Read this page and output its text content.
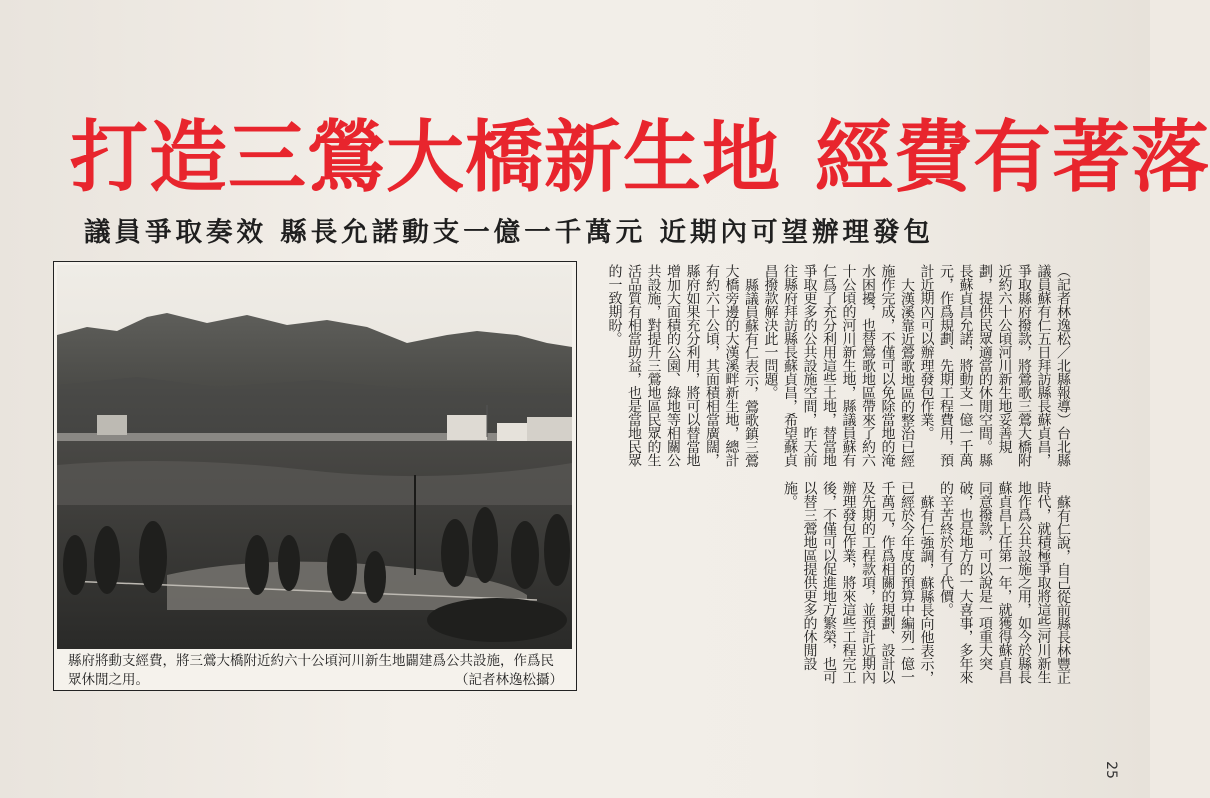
打造三鶯大橋新生地 經費有著落
議員爭取奏效 縣長允諾動支一億一千萬元 近期內可望辦理發包
縣府將動支經費，將三鶯大橋附近約六十公頃河川新生地闢建爲公共設施，作爲民眾休閒之用。	（記者林逸松攝）

（記者林逸松／北縣報導）台北縣議員蘇有仁五日拜訪縣長蘇貞昌，爭取縣府撥款，將鶯歌三鶯大橋附近約六十公頃河川新生地妥善規劃，提供民眾適當的休閒空間。縣長蘇貞昌允諾，將動支一億一千萬元，作爲規劃、先期工程費用，預計近期內可以辦理發包作業。

大漢溪靠近鶯歌地區的整治已經施作完成，不僅可以免除當地的淹水困擾，也替鶯歌地區帶來了約六十公頃的河川新生地，縣議員蘇有仁爲了充分利用這些土地，替當地爭取更多的公共設施空間，昨天前往縣府拜訪縣長蘇貞昌，希望蘇貞昌撥款解決此一問題。

縣議員蘇有仁表示，鶯歌鎮三鶯大橋旁邊的大漢溪畔新生地，總計有約六十公頃，其面積相當廣闊，縣府如果充分利用，將可以替當地增加大面積的公園、綠地等相關公共設施，對提升三鶯地區民眾的生活品質有相當助益，也是當地民眾的一致期盼。

蘇有仁說，自己從前縣長林豐正時代，就積極爭取將這些河川新生地作爲公共設施之用，如今於縣長蘇貞昌上任第一年，就獲得蘇貞昌同意撥款，可以說是一項重大突破，也是地方的一大喜事，多年來的辛苦終於有了代價。

蘇有仁強調，蘇縣長向他表示，已經於今年度的預算中編列一億一千萬元，作爲相關的規劃、設計以及先期的工程款項，並預計近期內辦理發包作業，將來這些工程完工後，不僅可以促進地方繁榮，也可以替三鶯地區提供更多的休閒設施。

25
